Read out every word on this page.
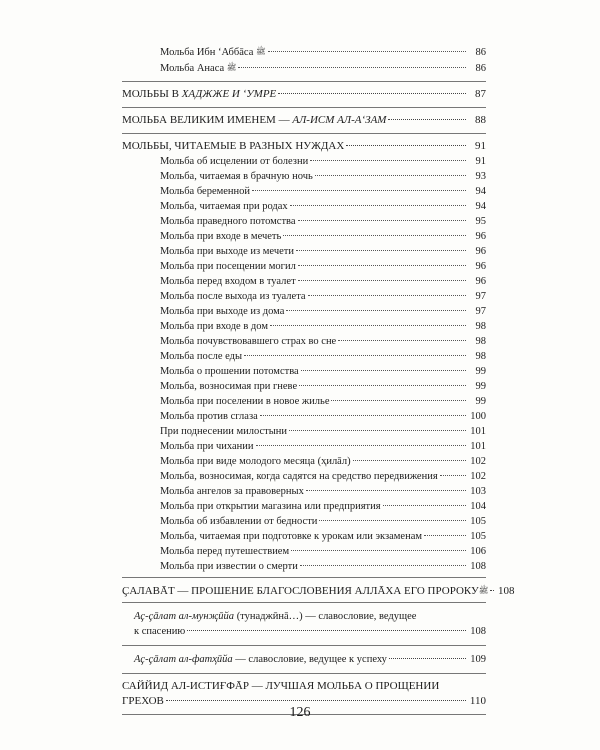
Мольба Ибн ʻАббāса ﷺ	86
Мольба Анаса ﷺ	86
МОЛЬБЫ В ХАДЖЖЕ И ʻУМРЕ	87
МОЛЬБА ВЕЛИКИМ ИМЕНЕМ — АЛ-ИСМ АЛ-АʻЗАМ	88
МОЛЬБЫ, ЧИТАЕМЫЕ В РАЗНЫХ НУЖДАХ	91
Мольба об исцелении от болезни	91
Мольба, читаемая в брачную ночь	93
Мольба беременной	94
Мольба, читаемая при родах	94
Мольба праведного потомства	95
Мольба при входе в мечеть	96
Мольба при выходе из мечети	96
Мольба при посещении могил	96
Мольба перед входом в туалет	96
Мольба после выхода из туалета	97
Мольба при выходе из дома	97
Мольба при входе в дом	98
Мольба почувствовавшего страх во сне	98
Мольба после еды	98
Мольба о прошении потомства	99
Мольба, возносимая при гневе	99
Мольба при поселении в новое жилье	99
Мольба против сглаза	100
При поднесении милостыни	101
Мольба при чихании	101
Мольба при виде молодого месяца (ҳилāл)	102
Мольба, возносимая, когда садятся на средство передвижения	102
Мольба ангелов за правоверных	103
Мольба при открытии магазина или предприятия	104
Мольба об избавлении от бедности	105
Мольба, читаемая при подготовке к урокам или экзаменам	105
Мольба перед путешествием	106
Мольба при известии о смерти	108
ҪАЛАВĀТ — ПРОШЕНИЕ БЛАГОСЛОВЕНИЯ АЛЛĀХА ЕГО ПРОРОКУﷺ 108
Аҫ-ҫāлат ал-мунҗӣйа (тунаджӣнā…) — славословие, ведущее
к спасению	108
Аҫ-ҫāлат ал-фатҳӣйа — славословие, ведущее к успеху	109
САЙЙИД АЛ-ИСТИҒФĀР — ЛУЧШАЯ МОЛЬБА О ПРОЩЕНИИ
ГРЕХОВ	110
126
